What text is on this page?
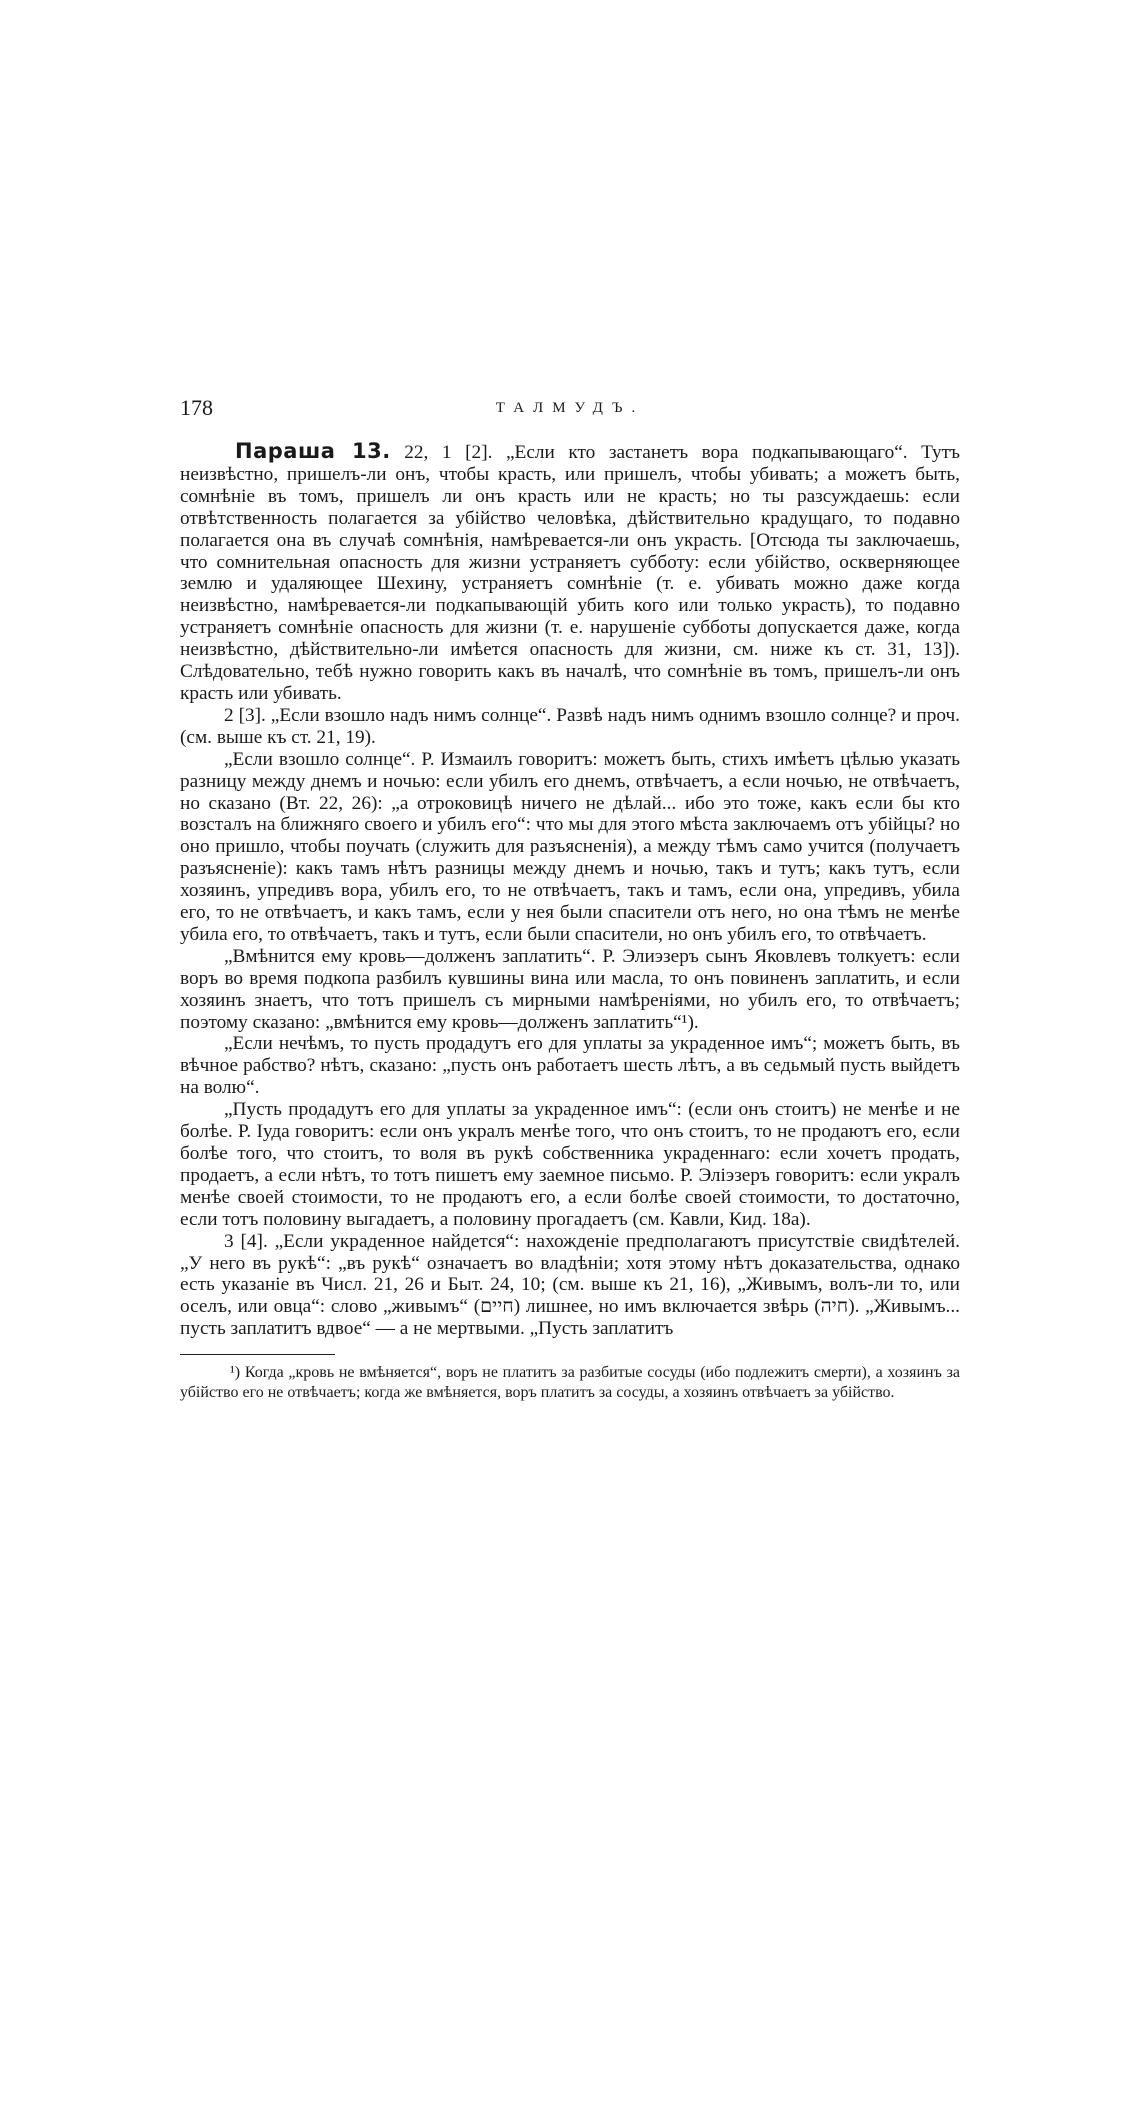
178	ТАЛМУДЪ.

Параша 13. 22, 1 [2]. „Если кто застанетъ вора подкапывающаго“. Тутъ неизвѣстно, пришелъ-ли онъ, чтобы красть, или пришелъ, чтобы убивать; а можетъ быть, сомнѣніе въ томъ, пришелъ ли онъ красть или не красть; но ты разсуждаешь: если отвѣтственность полагается за убійство человѣка, дѣйствительно крадущаго, то подавно полагается она въ случаѣ сомнѣнія, намѣревается-ли онъ украсть. [Отсюда ты заключаешь, что сомнительная опасность для жизни устраняетъ субботу: если убійство, оскверняющее землю и удаляющее Шехину, устраняетъ сомнѣніе (т. е. убивать можно даже когда неизвѣстно, намѣревается-ли подкапывающій убить кого или только украсть), то подавно устраняетъ сомнѣніе опасность для жизни (т. е. нарушеніе субботы допускается даже, когда неизвѣстно, дѣйствительно-ли имѣется опасность для жизни, см. ниже къ ст. 31, 13]). Слѣдовательно, тебѣ нужно говорить какъ въ началѣ, что сомнѣніе въ томъ, пришелъ-ли онъ красть или убивать.

2 [3]. „Если взошло надъ нимъ солнце“. Развѣ надъ нимъ однимъ взошло солнце? и проч. (см. выше къ ст. 21, 19).

„Если взошло солнце“. Р. Измаилъ говоритъ: можетъ быть, стихъ имѣетъ цѣлью указать разницу между днемъ и ночью: если убилъ его днемъ, отвѣчаетъ, а если ночью, не отвѣчаетъ, но сказано (Вт. 22, 26): „а отроковицѣ ничего не дѣлай... ибо это тоже, какъ если бы кто возсталъ на ближняго своего и убилъ его“: что мы для этого мѣста заключаемъ отъ убійцы? но оно пришло, чтобы поучать (служить для разъясненія), а между тѣмъ само учится (получаетъ разъясненіе): какъ тамъ нѣтъ разницы между днемъ и ночью, такъ и тутъ; какъ тутъ, если хозяинъ, упредивъ вора, убилъ его, то не отвѣчаетъ, такъ и тамъ, если она, упредивъ, убила его, то не отвѣчаетъ, и какъ тамъ, если у нея были спасители отъ него, но она тѣмъ не менѣе убила его, то отвѣчаетъ, такъ и тутъ, если были спасители, но онъ убилъ его, то отвѣчаетъ.

„Вмѣнится ему кровь—долженъ заплатить“. Р. Элиэзеръ сынъ Яковлевъ толкуетъ: если воръ во время подкопа разбилъ кувшины вина или масла, то онъ повиненъ заплатить, и если хозяинъ знаетъ, что тотъ пришелъ съ мирными намѣреніями, но убилъ его, то отвѣчаетъ; поэтому сказано: „вмѣнится ему кровь—долженъ заплатить“¹).

„Если нечѣмъ, то пусть продадутъ его для уплаты за украденное имъ“; можетъ быть, въ вѣчное рабство? нѣтъ, сказано: „пусть онъ работаетъ шесть лѣтъ, а въ седьмый пусть выйдетъ на волю“.

„Пусть продадутъ его для уплаты за украденное имъ“: (если онъ стоитъ) не менѣе и не болѣе. Р. Іуда говоритъ: если онъ укралъ менѣе того, что онъ стоитъ, то не продаютъ его, если болѣе того, что стоитъ, то воля въ рукѣ собственника украденнаго: если хочетъ продать, продаетъ, а если нѣтъ, то тотъ пишетъ ему заемное письмо. Р. Эліэзеръ говоритъ: если укралъ менѣе своей стоимости, то не продаютъ его, а если болѣе своей стоимости, то достаточно, если тотъ половину выгадаетъ, а половину прогадаетъ (см. Кавли, Кид. 18а).

3 [4]. „Если украденное найдется“: нахожденіе предполагаютъ присутствіе свидѣтелей. „У него въ рукѣ“: „въ рукѣ“ означаетъ во владѣніи; хотя этому нѣтъ доказательства, однако есть указаніе въ Числ. 21, 26 и Быт. 24, 10; (см. выше къ 21, 16), „Живымъ, волъ-ли то, или оселъ, или овца“: слово „живымъ“ (חיים) лишнее, но имъ включается звѣрь (חיה). „Живымъ... пусть заплатитъ вдвое“ — а не мертвыми. „Пусть заплатитъ

¹) Когда „кровь не вмѣняется“, воръ не платитъ за разбитые сосуды (ибо подлежитъ смерти), а хозяинъ за убійство его не отвѣчаетъ; когда же вмѣняется, воръ платитъ за сосуды, а хозяинъ отвѣчаетъ за убійство.
